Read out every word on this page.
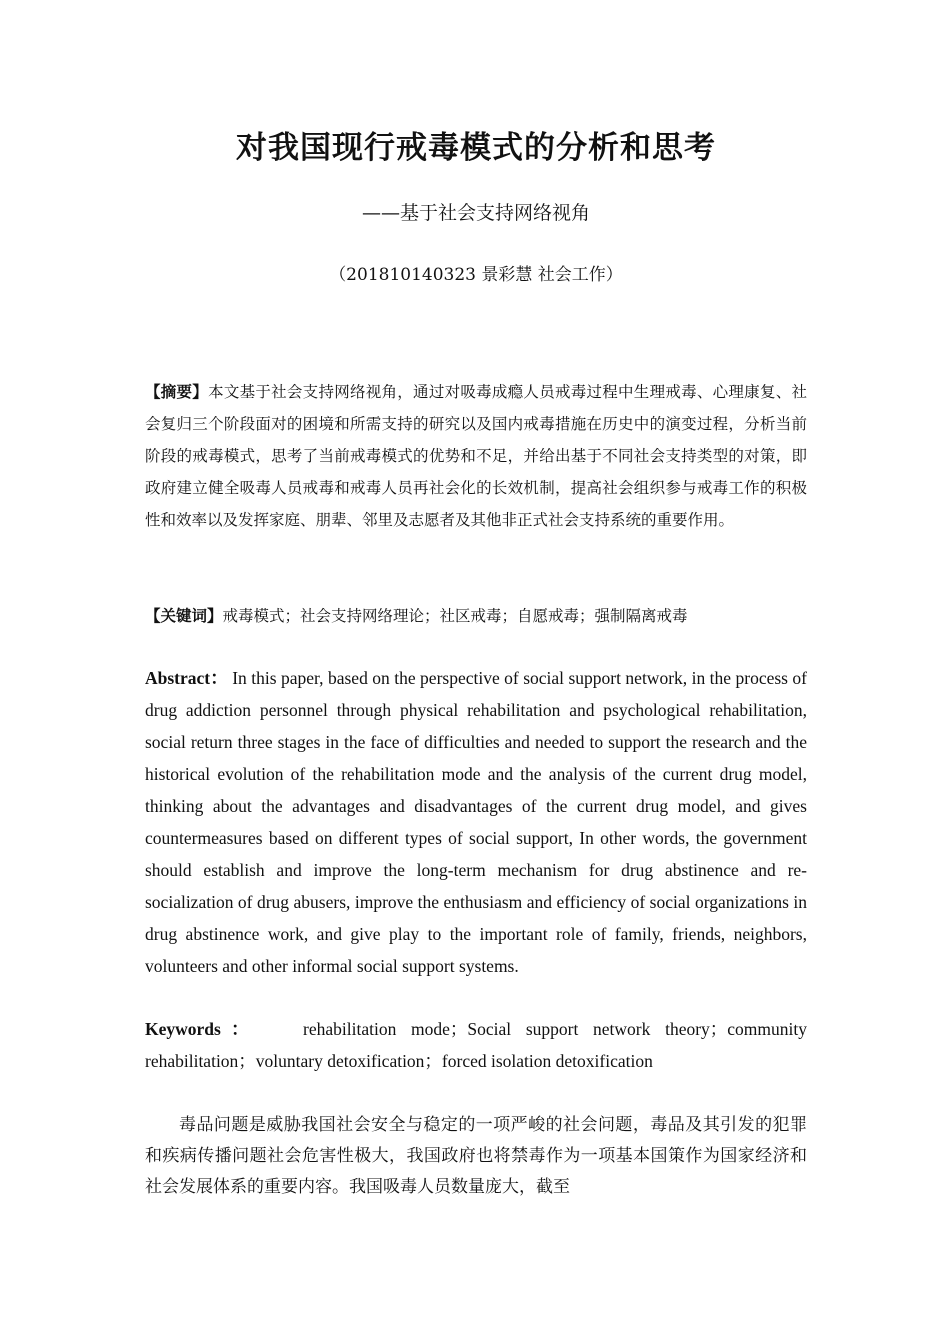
对我国现行戒毒模式的分析和思考
——基于社会支持网络视角
（201810140323 景彩慧 社会工作）
【摘要】本文基于社会支持网络视角，通过对吸毒成瘾人员戒毒过程中生理戒毒、心理康复、社会复归三个阶段面对的困境和所需支持的研究以及国内戒毒措施在历史中的演变过程，分析当前阶段的戒毒模式，思考了当前戒毒模式的优势和不足，并给出基于不同社会支持类型的对策，即政府建立健全吸毒人员戒毒和戒毒人员再社会化的长效机制，提高社会组织参与戒毒工作的积极性和效率以及发挥家庭、朋辈、邻里及志愿者及其他非正式社会支持系统的重要作用。
【关键词】戒毒模式；社会支持网络理论；社区戒毒；自愿戒毒；强制隔离戒毒
Abstract： In this paper, based on the perspective of social support network, in the process of drug addiction personnel through physical rehabilitation and psychological rehabilitation, social return three stages in the face of difficulties and needed to support the research and the historical evolution of the rehabilitation mode and the analysis of the current drug model, thinking about the advantages and disadvantages of the current drug model, and gives countermeasures based on different types of social support, In other words, the government should establish and improve the long-term mechanism for drug abstinence and re-socialization of drug abusers, improve the enthusiasm and efficiency of social organizations in drug abstinence work, and give play to the important role of family, friends, neighbors, volunteers and other informal social support systems.
Keywords：	rehabilitation mode；Social support network theory；community rehabilitation；voluntary detoxification；forced isolation detoxification
毒品问题是威胁我国社会安全与稳定的一项严峻的社会问题，毒品及其引发的犯罪和疾病传播问题社会危害性极大，我国政府也将禁毒作为一项基本国策作为国家经济和社会发展体系的重要内容。我国吸毒人员数量庞大，截至
